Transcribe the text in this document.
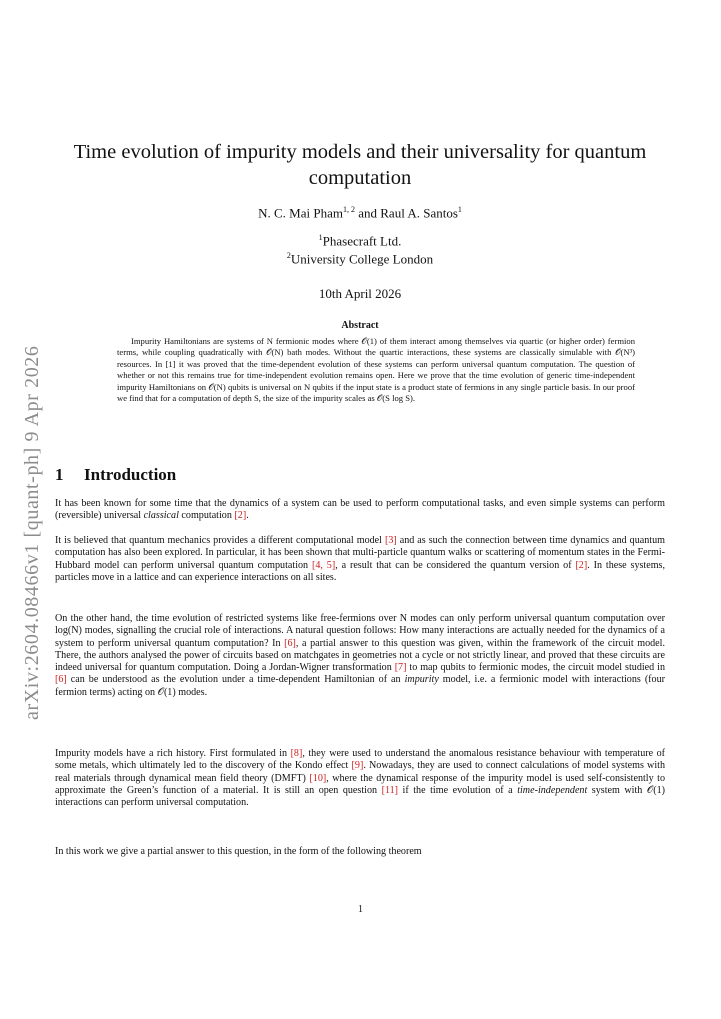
arXiv:2604.08466v1 [quant-ph] 9 Apr 2026
Time evolution of impurity models and their universality for quantum computation
N. C. Mai Pham$^{1, 2}$ and Raul A. Santos$^1$
$^1$Phasecraft Ltd.
$^2$University College London
10th April 2026
Abstract

Impurity Hamiltonians are systems of N fermionic modes where 𝒪(1) of them interact among themselves via quartic (or higher order) fermion terms, while coupling quadratically with 𝒪(N) bath modes. Without the quartic interactions, these systems are classically simulable with 𝒪(N³) resources. In [1] it was proved that the time-dependent evolution of these systems can perform universal quantum computation. The question of whether or not this remains true for time-independent evolution remains open. Here we prove that the time evolution of generic time-independent impurity Hamiltonians on 𝒪(N) qubits is universal on N qubits if the input state is a product state of fermions in any single particle basis. In our proof we find that for a computation of depth S, the size of the impurity scales as 𝒪(S log S).

1 Introduction

It has been known for some time that the dynamics of a system can be used to perform computational tasks, and even simple systems can perform (reversible) universal classical computation [2].

It is believed that quantum mechanics provides a different computational model [3] and as such the connection between time dynamics and quantum computation has also been explored. In particular, it has been shown that multi-particle quantum walks or scattering of momentum states in the Fermi-Hubbard model can perform universal quantum computation [4, 5], a result that can be considered the quantum version of [2]. In these systems, particles move in a lattice and can experience interactions on all sites.

On the other hand, the time evolution of restricted systems like free-fermions over N modes can only perform universal quantum computation over log(N) modes, signalling the crucial role of interactions. A natural question follows: How many interactions are actually needed for the dynamics of a system to perform universal quantum computation? In [6], a partial answer to this question was given, within the framework of the circuit model. There, the authors analysed the power of circuits based on matchgates in geometries not a cycle or not strictly linear, and proved that these circuits are indeed universal for quantum computation. Doing a Jordan-Wigner transformation [7] to map qubits to fermionic modes, the circuit model studied in [6] can be understood as the evolution under a time-dependent Hamiltonian of an impurity model, i.e. a fermionic model with interactions (four fermion terms) acting on 𝒪(1) modes.

Impurity models have a rich history. First formulated in [8], they were used to understand the anomalous resistance behaviour with temperature of some metals, which ultimately led to the discovery of the Kondo effect [9]. Nowadays, they are used to connect calculations of model systems with real materials through dynamical mean field theory (DMFT) [10], where the dynamical response of the impurity model is used self-consistently to approximate the Green’s function of a material. It is still an open question [11] if the time evolution of a time-independent system with 𝒪(1) interactions can perform universal computation.

In this work we give a partial answer to this question, in the form of the following theorem

1
